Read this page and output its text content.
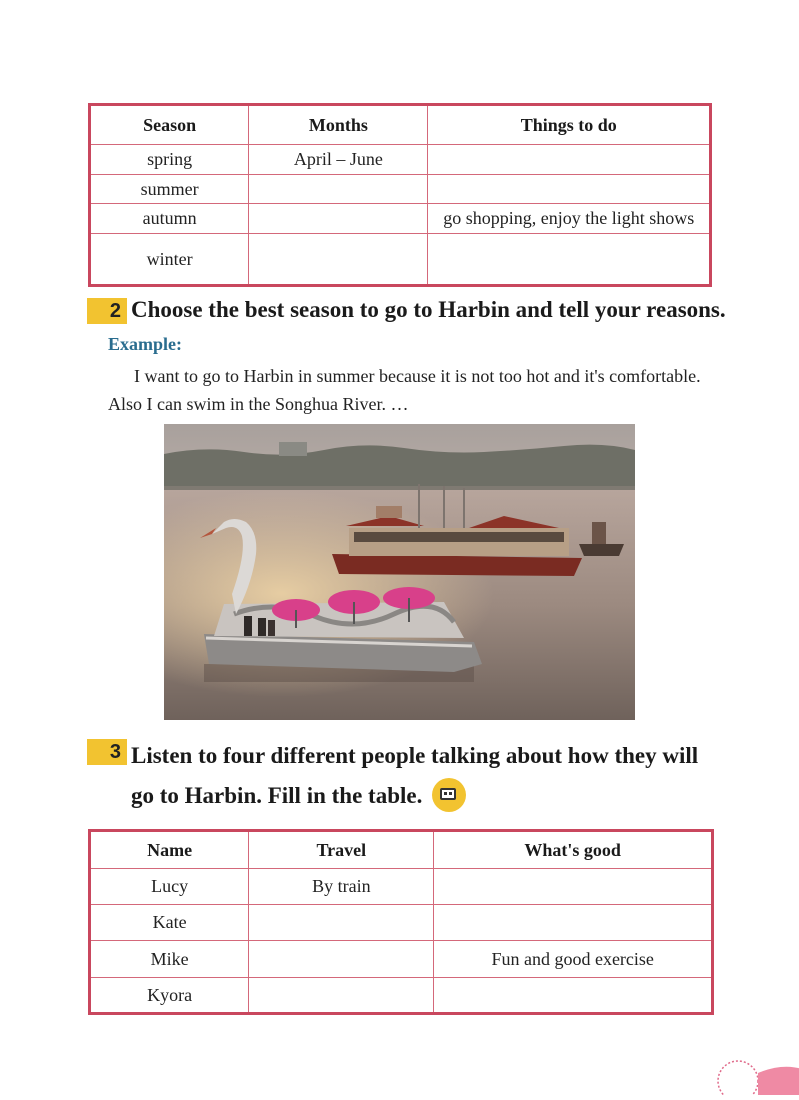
Season	Months	Things to do
spring	April – June	
summer		
autumn		go shopping, enjoy the light shows
winter		
2 Choose the best season to go to Harbin and tell your reasons.
Example:
I want to go to Harbin in summer because it is not too hot and it's comfortable.
Also I can swim in the Songhua River. …
3 Listen to four different people talking about how they will
go to Harbin. Fill in the table.
Name	Travel	What's good
Lucy	By train	
Kate		
Mike		Fun and good exercise
Kyora		
